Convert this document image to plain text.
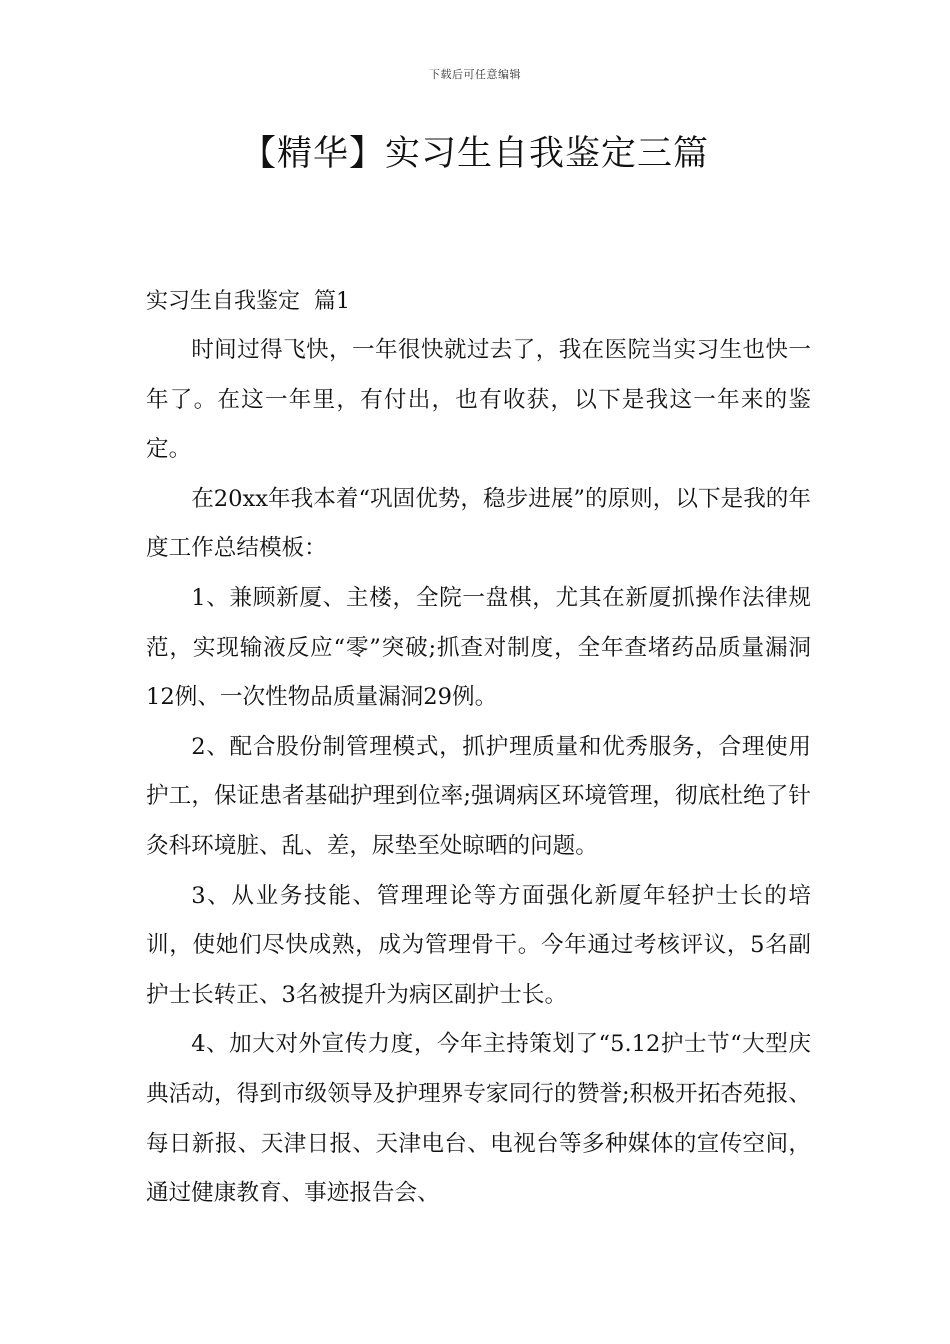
下载后可任意编辑
【精华】实习生自我鉴定三篇
实习生自我鉴定  篇1

时间过得飞快，一年很快就过去了，我在医院当实习生也快一年了。在这一年里，有付出，也有收获，以下是我这一年来的鉴定。

在20xx年我本着“巩固优势，稳步进展”的原则，以下是我的年度工作总结模板：

1、兼顾新厦、主楼，全院一盘棋，尤其在新厦抓操作法律规范，实现输液反应“零”突破;抓查对制度，全年查堵药品质量漏洞12例、一次性物品质量漏洞29例。

2、配合股份制管理模式，抓护理质量和优秀服务，合理使用护工，保证患者基础护理到位率;强调病区环境管理，彻底杜绝了针灸科环境脏、乱、差，尿垫至处晾晒的问题。

3、从业务技能、管理理论等方面强化新厦年轻护士长的培训，使她们尽快成熟，成为管理骨干。今年通过考核评议，5名副护士长转正、3名被提升为病区副护士长。

4、加大对外宣传力度，今年主持策划了“5.12护士节“大型庆典活动，得到市级领导及护理界专家同行的赞誉;积极开拓杏苑报、每日新报、天津日报、天津电台、电视台等多种媒体的宣传空间，通过健康教育、事迹报告会、
